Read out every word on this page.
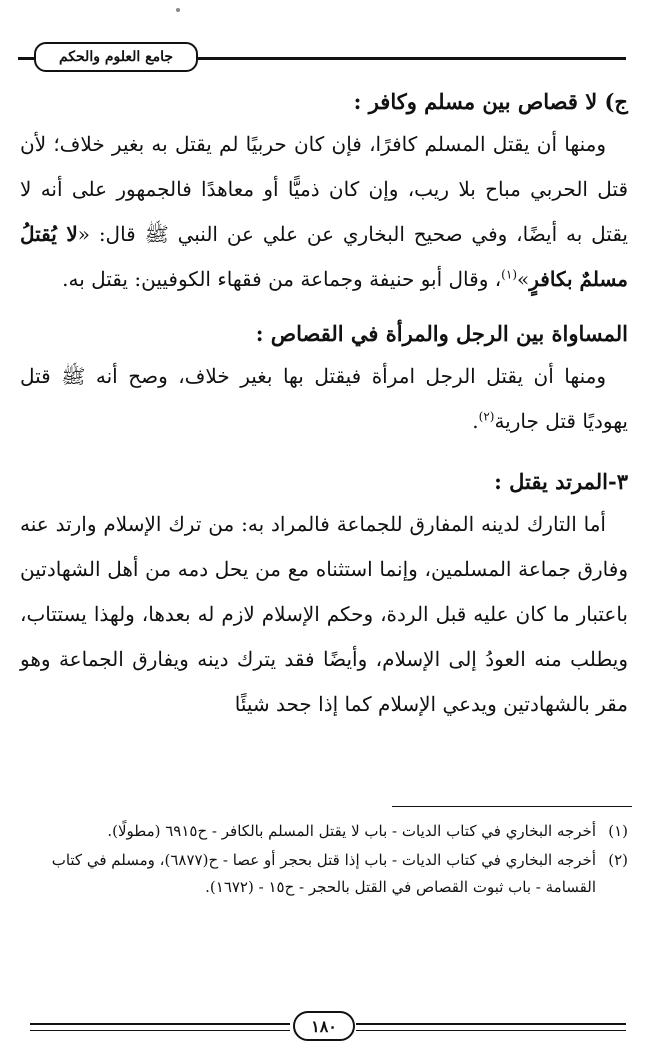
جامع العلوم والحكم
ج) لا قصاص بين مسلم وكافر :

ومنها أن يقتل المسلم كافرًا، فإن كان حربيًا لم يقتل به بغير خلاف؛ لأن قتل الحربي مباح بلا ريب، وإن كان ذميًّا أو معاهدًا فالجمهور على أنه لا يقتل به أيضًا، وفي صحيح البخاري عن علي عن النبي ﷺ قال: «لا يُقتلُ مسلمٌ بكافرٍ»$^{(١)}$، وقال أبو حنيفة وجماعة من فقهاء الكوفيين: يقتل به.

المساواة بين الرجل والمرأة في القصاص :

ومنها أن يقتل الرجل امرأة فيقتل بها بغير خلاف، وصح أنه ﷺ قتل يهوديًا قتل جارية$^{(٢)}$.

٣-المرتد يقتل :

أما التارك لدينه المفارق للجماعة فالمراد به: من ترك الإسلام وارتد عنه وفارق جماعة المسلمين، وإنما استثناه مع من يحل دمه من أهل الشهادتين باعتبار ما كان عليه قبل الردة، وحكم الإسلام لازم له بعدها، ولهذا يستتاب، ويطلب منه العودُ إلى الإسلام، وأيضًا فقد يترك دينه ويفارق الجماعة وهو مقر بالشهادتين ويدعي الإسلام كما إذا جحد شيئًا

(١)
أخرجه البخاري في كتاب الديات - باب لا يقتل المسلم بالكافر - ح٦٩١٥ (مطولًا).
(٢)
أخرجه البخاري في كتاب الديات - باب إذا قتل بحجر أو عصا - ح(٦٨٧٧)، ومسلم في كتاب القسامة - باب ثبوت القصاص في القتل بالحجر - ح١٥ - (١٦٧٢).
١٨٠
